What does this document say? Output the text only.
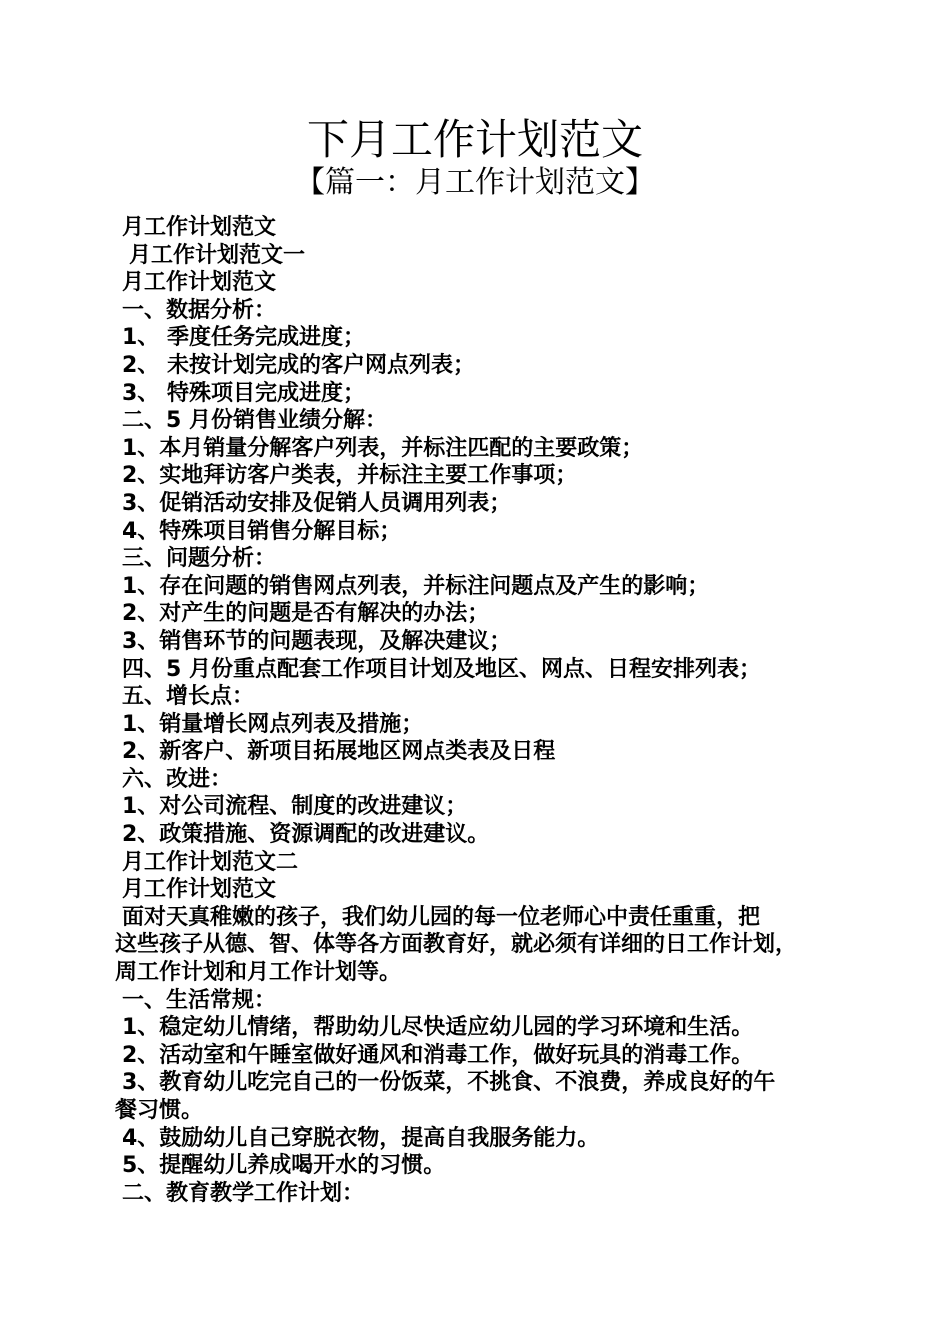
下月工作计划范文
【篇一：月工作计划范文】
月工作计划范文
月工作计划范文一
月工作计划范文
一、数据分析：
1、 季度任务完成进度；
2、 未按计划完成的客户网点列表；
3、 特殊项目完成进度；
二、5 月份销售业绩分解：
1、本月销量分解客户列表，并标注匹配的主要政策；
2、实地拜访客户类表，并标注主要工作事项；
3、促销活动安排及促销人员调用列表；
4、特殊项目销售分解目标；
三、问题分析：
1、存在问题的销售网点列表，并标注问题点及产生的影响；
2、对产生的问题是否有解决的办法；
3、销售环节的问题表现，及解决建议；
四、5 月份重点配套工作项目计划及地区、网点、日程安排列表；
五、增长点：
1、销量增长网点列表及措施；
2、新客户、新项目拓展地区网点类表及日程
六、改进：
1、对公司流程、制度的改进建议；
2、政策措施、资源调配的改进建议。
月工作计划范文二
月工作计划范文
面对天真稚嫩的孩子，我们幼儿园的每一位老师心中责任重重，把
这些孩子从德、智、体等各方面教育好，就必须有详细的日工作计划，
周工作计划和月工作计划等。
一、生活常规：
1、稳定幼儿情绪，帮助幼儿尽快适应幼儿园的学习环境和生活。
2、活动室和午睡室做好通风和消毒工作，做好玩具的消毒工作。
3、教育幼儿吃完自己的一份饭菜，不挑食、不浪费，养成良好的午
餐习惯。
4、鼓励幼儿自己穿脱衣物，提高自我服务能力。
5、提醒幼儿养成喝开水的习惯。
二、教育教学工作计划：
